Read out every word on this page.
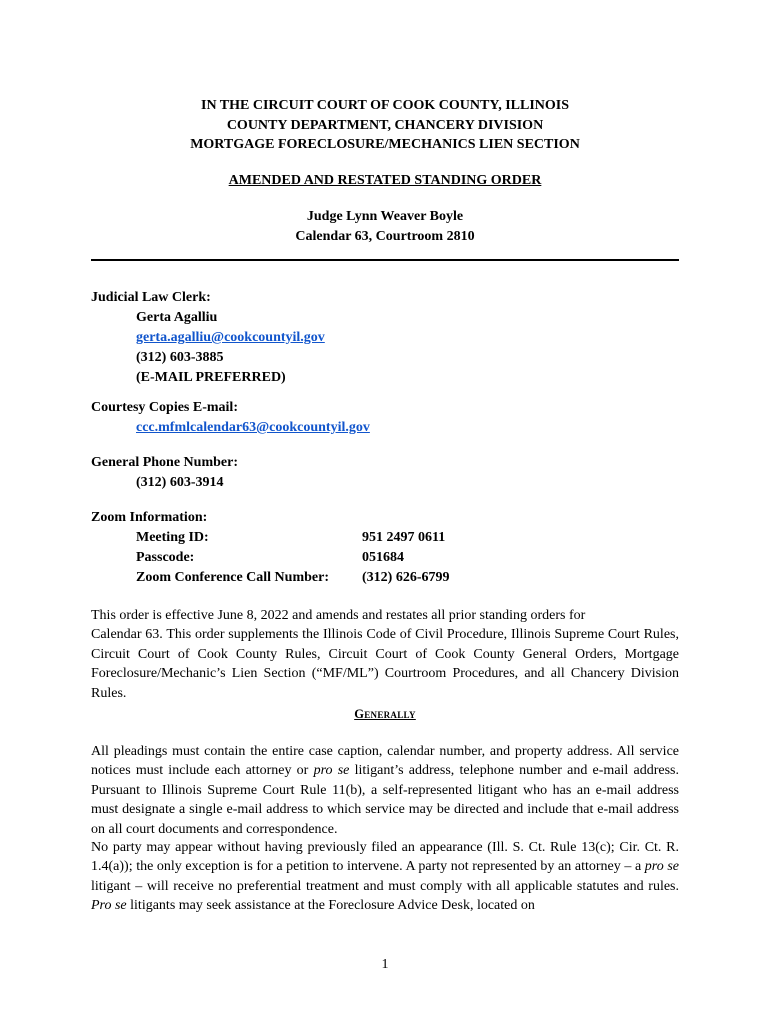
IN THE CIRCUIT COURT OF COOK COUNTY, ILLINOIS
COUNTY DEPARTMENT, CHANCERY DIVISION
MORTGAGE FORECLOSURE/MECHANICS LIEN SECTION
AMENDED AND RESTATED STANDING ORDER
Judge Lynn Weaver Boyle
Calendar 63, Courtroom 2810
Judicial Law Clerk:
Gerta Agalliu
gerta.agalliu@cookcountyil.gov
(312) 603-3885
(E-MAIL PREFERRED)
Courtesy Copies E-mail:
ccc.mfmlcalendar63@cookcountyil.gov
General Phone Number:
(312) 603-3914
Zoom Information:
Meeting ID:	951 2497 0611
Passcode:	051684
Zoom Conference Call Number:	(312) 626-6799
This order is effective June 8, 2022 and amends and restates all prior standing orders for
Calendar 63. This order supplements the Illinois Code of Civil Procedure, Illinois Supreme Court Rules, Circuit Court of Cook County Rules, Circuit Court of Cook County General Orders, Mortgage Foreclosure/Mechanic’s Lien Section (“MF/ML”) Courtroom Procedures, and all Chancery Division Rules.
Generally
All pleadings must contain the entire case caption, calendar number, and property address. All service notices must include each attorney or pro se litigant’s address, telephone number and e-mail address. Pursuant to Illinois Supreme Court Rule 11(b), a self-represented litigant who has an e-mail address must designate a single e-mail address to which service may be directed and include that e-mail address on all court documents and correspondence.
No party may appear without having previously filed an appearance (Ill. S. Ct. Rule 13(c); Cir. Ct. R. 1.4(a)); the only exception is for a petition to intervene. A party not represented by an attorney – a pro se litigant – will receive no preferential treatment and must comply with all applicable statutes and rules. Pro se litigants may seek assistance at the Foreclosure Advice Desk, located on
1
